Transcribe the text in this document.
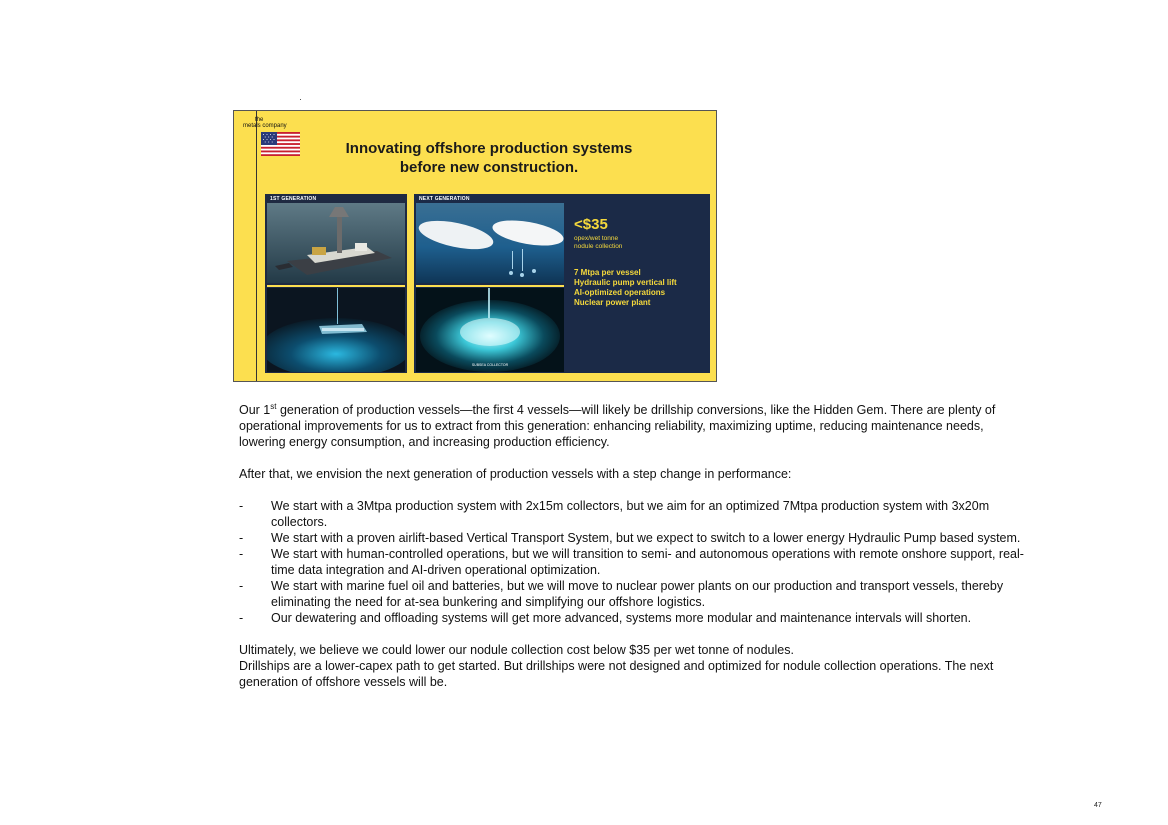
the
metals company
Innovating offshore production systems
before new construction.
1ST GENERATION	NEXT GENERATION
SUBSEA COLLECTOR
<$35
opex/wet tonne
nodule collection
7 Mtpa per vessel
Hydraulic pump vertical lift
AI-optimized operations
Nuclear power plant

Our 1st generation of production vessels—the first 4 vessels—will likely be drillship conversions, like the Hidden Gem. There are plenty of operational improvements for us to extract from this generation: enhancing reliability, maximizing uptime, reducing maintenance needs, lowering energy consumption, and increasing production efficiency.

After that, we envision the next generation of production vessels with a step change in performance:

- We start with a 3Mtpa production system with 2x15m collectors, but we aim for an optimized 7Mtpa production system with 3x20m collectors.
- We start with a proven airlift-based Vertical Transport System, but we expect to switch to a lower energy Hydraulic Pump based system.
- We start with human-controlled operations, but we will transition to semi- and autonomous operations with remote onshore support, real-time data integration and AI-driven operational optimization.
- We start with marine fuel oil and batteries, but we will move to nuclear power plants on our production and transport vessels, thereby eliminating the need for at-sea bunkering and simplifying our offshore logistics.
- Our dewatering and offloading systems will get more advanced, systems more modular and maintenance intervals will shorten.

Ultimately, we believe we could lower our nodule collection cost below $35 per wet tonne of nodules.

Drillships are a lower-capex path to get started. But drillships were not designed and optimized for nodule collection operations. The next generation of offshore vessels will be.

47
